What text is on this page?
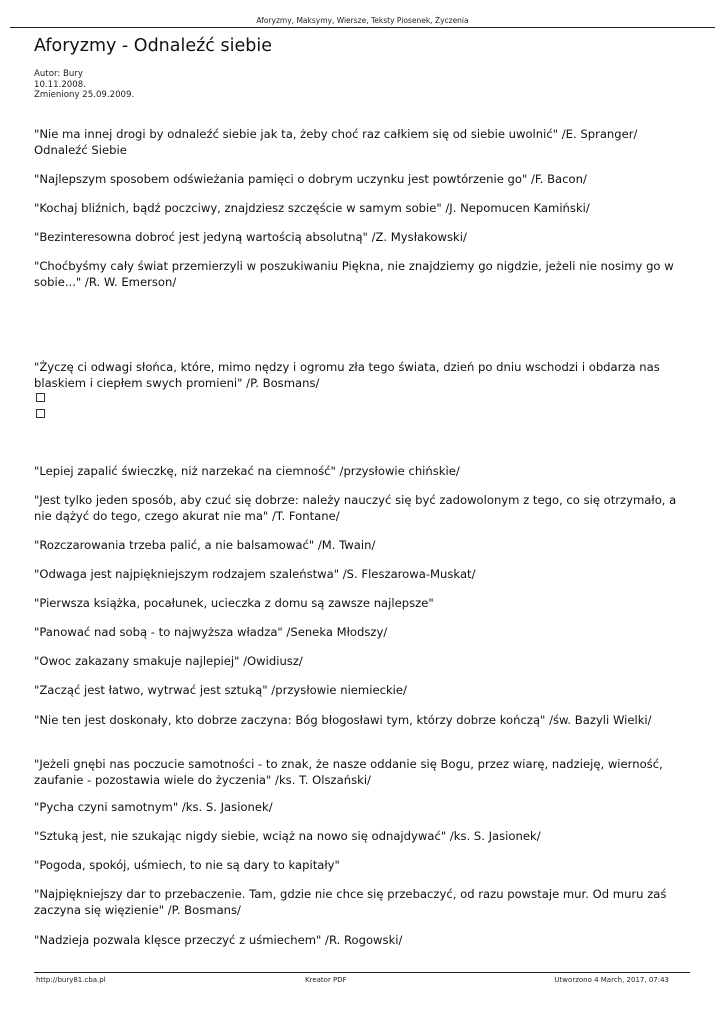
Aforyzmy, Maksymy, Wiersze, Teksty Piosenek, Życzenia
Aforyzmy - Odnaleźć siebie
Autor: Bury
10.11.2008.
Zmieniony 25.09.2009.

"Nie ma innej drogi by odnaleźć siebie jak ta, żeby choć raz całkiem się od siebie uwolnić" /E. Spranger/ Odnaleźć Siebie

"Najlepszym sposobem odświeżania pamięci o dobrym uczynku jest powtórzenie go" /F. Bacon/

"Kochaj bliźnich, bądź poczciwy, znajdziesz szczęście w samym sobie" /J. Nepomucen Kamiński/

"Bezinteresowna dobroć jest jedyną wartością absolutną" /Z. Mysłakowski/

"Choćbyśmy cały świat przemierzyli w poszukiwaniu Piękna, nie znajdziemy go nigdzie, jeżeli nie nosimy go w sobie..." /R. W. Emerson/

"Życzę ci odwagi słońca, które, mimo nędzy i ogromu zła tego świata, dzień po dniu wschodzi i obdarza nas blaskiem i ciepłem swych promieni" /P. Bosmans/

"Lepiej zapalić świeczkę, niż narzekać na ciemność" /przysłowie chińskie/

"Jest tylko jeden sposób, aby czuć się dobrze: należy nauczyć się być zadowolonym z tego, co się otrzymało, a nie dążyć do tego, czego akurat nie ma" /T. Fontane/

"Rozczarowania trzeba palić, a nie balsamować" /M. Twain/

"Odwaga jest najpiękniejszym rodzajem szaleństwa" /S. Fleszarowa-Muskat/

"Pierwsza książka, pocałunek, ucieczka z domu są zawsze najlepsze"

"Panować nad sobą - to najwyższa władza" /Seneka Młodszy/

"Owoc zakazany smakuje najlepiej" /Owidiusz/

"Zacząć jest łatwo, wytrwać jest sztuką" /przysłowie niemieckie/

"Nie ten jest doskonały, kto dobrze zaczyna: Bóg błogosławi tym, którzy dobrze kończą" /św. Bazyli Wielki/

"Jeżeli gnębi nas poczucie samotności - to znak, że nasze oddanie się Bogu, przez wiarę, nadzieję, wierność, zaufanie - pozostawia wiele do życzenia" /ks. T. Olszański/

"Pycha czyni samotnym" /ks. S. Jasionek/

"Sztuką jest, nie szukając nigdy siebie, wciąż na nowo się odnajdywać" /ks. S. Jasionek/

"Pogoda, spokój, uśmiech, to nie są dary to kapitały"

"Najpiękniejszy dar to przebaczenie. Tam, gdzie nie chce się przebaczyć, od razu powstaje mur. Od muru zaś zaczyna się więzienie" /P. Bosmans/

"Nadzieja pozwala klęsce przeczyć z uśmiechem" /R. Rogowski/

http://bury81.cba.pl	Kreator PDF	Utworzono 4 March, 2017, 07:43
